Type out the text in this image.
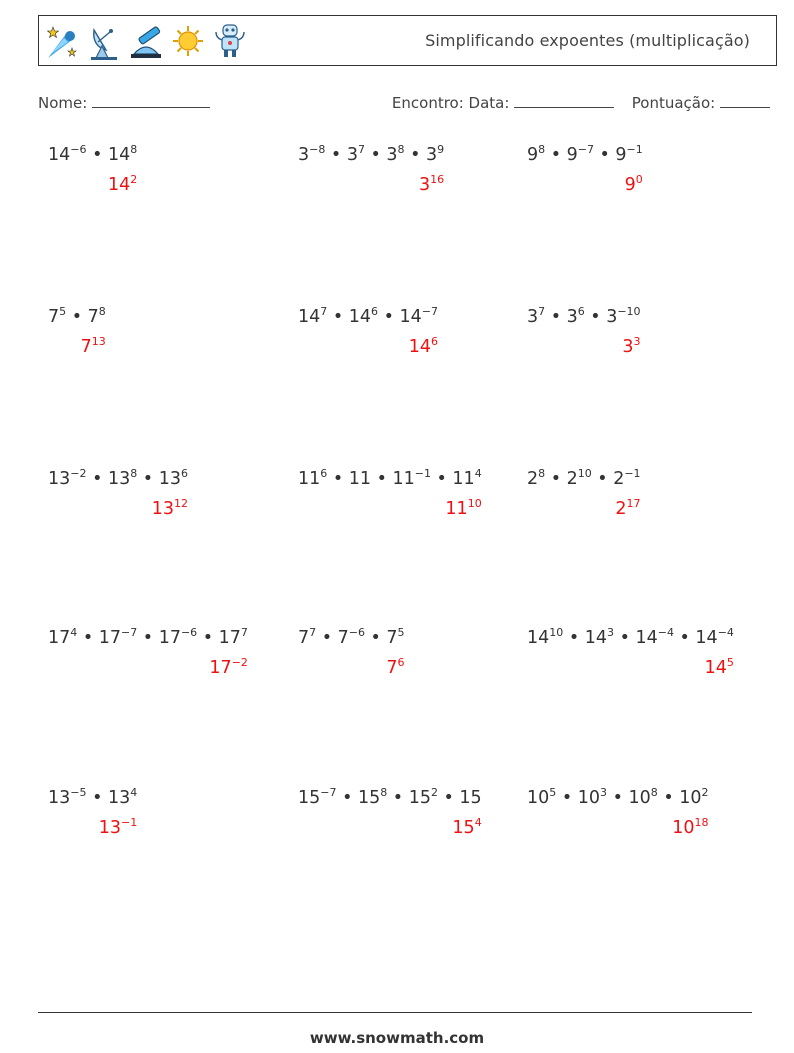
Simplificando expoentes (multiplicação)
Nome:	Encontro: Data:	Pontuação:
$14^{-6}$ • $14^8$
$14^2$
$3^{-8}$ • $3^7$ • $3^8$ • $3^9$
$3^{16}$
$9^8$ • $9^{-7}$ • $9^{-1}$
$9^0$
$7^5$ • $7^8$
$7^{13}$
$14^7$ • $14^6$ • $14^{-7}$
$14^6$
$3^7$ • $3^6$ • $3^{-10}$
$3^3$
$13^{-2}$ • $13^8$ • $13^6$
$13^{12}$
$11^6$ • 11 • $11^{-1}$ • $11^4$
$11^{10}$
$2^8$ • $2^{10}$ • $2^{-1}$
$2^{17}$
$17^4$ • $17^{-7}$ • $17^{-6}$ • $17^7$
$17^{-2}$
$7^7$ • $7^{-6}$ • $7^5$
$7^6$
$14^{10}$ • $14^3$ • $14^{-4}$ • $14^{-4}$
$14^5$
$13^{-5}$ • $13^4$
$13^{-1}$
$15^{-7}$ • $15^8$ • $15^2$ • 15
$15^4$
$10^5$ • $10^3$ • $10^8$ • $10^2$
$10^{18}$
www.snowmath.com
